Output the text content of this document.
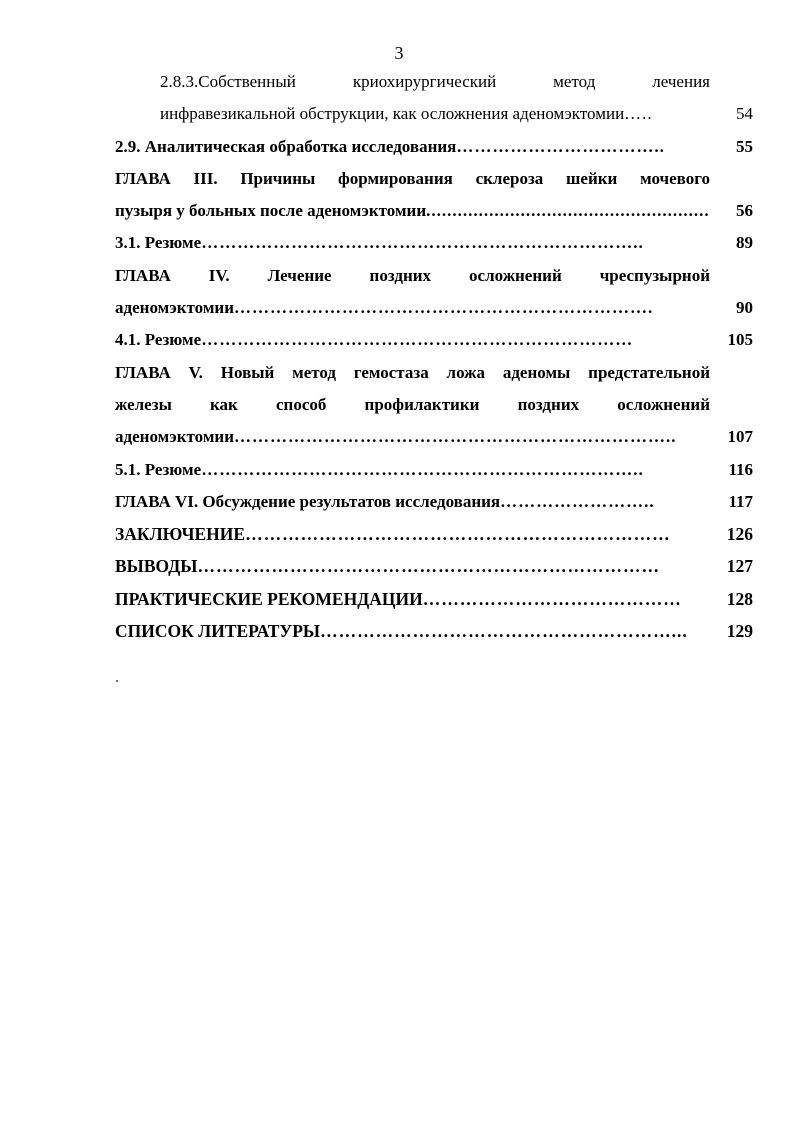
3
2.8.3.Собственный криохирургический метод лечения
инфравезикальной обструкции, как осложнения аденомэктомии …..	54
2.9. Аналитическая обработка исследования ……………………………..	55
ГЛАВА III. Причины формирования склероза шейки мочевого
пузыря у больных после аденомэктомии ......................................................	56
3.1. Резюме ………………………………………………………………..	89
ГЛАВА IV. Лечение поздних осложнений чреспузырной
аденомэктомии …………………………………………………………….	90
4.1. Резюме ………………………………………………………………	105
ГЛАВА V. Новый метод гемостаза ложа аденомы предстательной
железы как способ профилактики поздних осложнений
аденомэктомии ………………………………………………………………..	107
5.1. Резюме ………………………………………………………………..	116
ГЛАВА VI. Обсуждение результатов исследования ……………………..	117
ЗАКЛЮЧЕНИЕ ……………………………………………………………	126
ВЫВОДЫ …………………………………………………………………	127
ПРАКТИЧЕСКИЕ РЕКОМЕНДАЦИИ ……………………………………	128
СПИСОК ЛИТЕРАТУРЫ …………………………………………………...	129
